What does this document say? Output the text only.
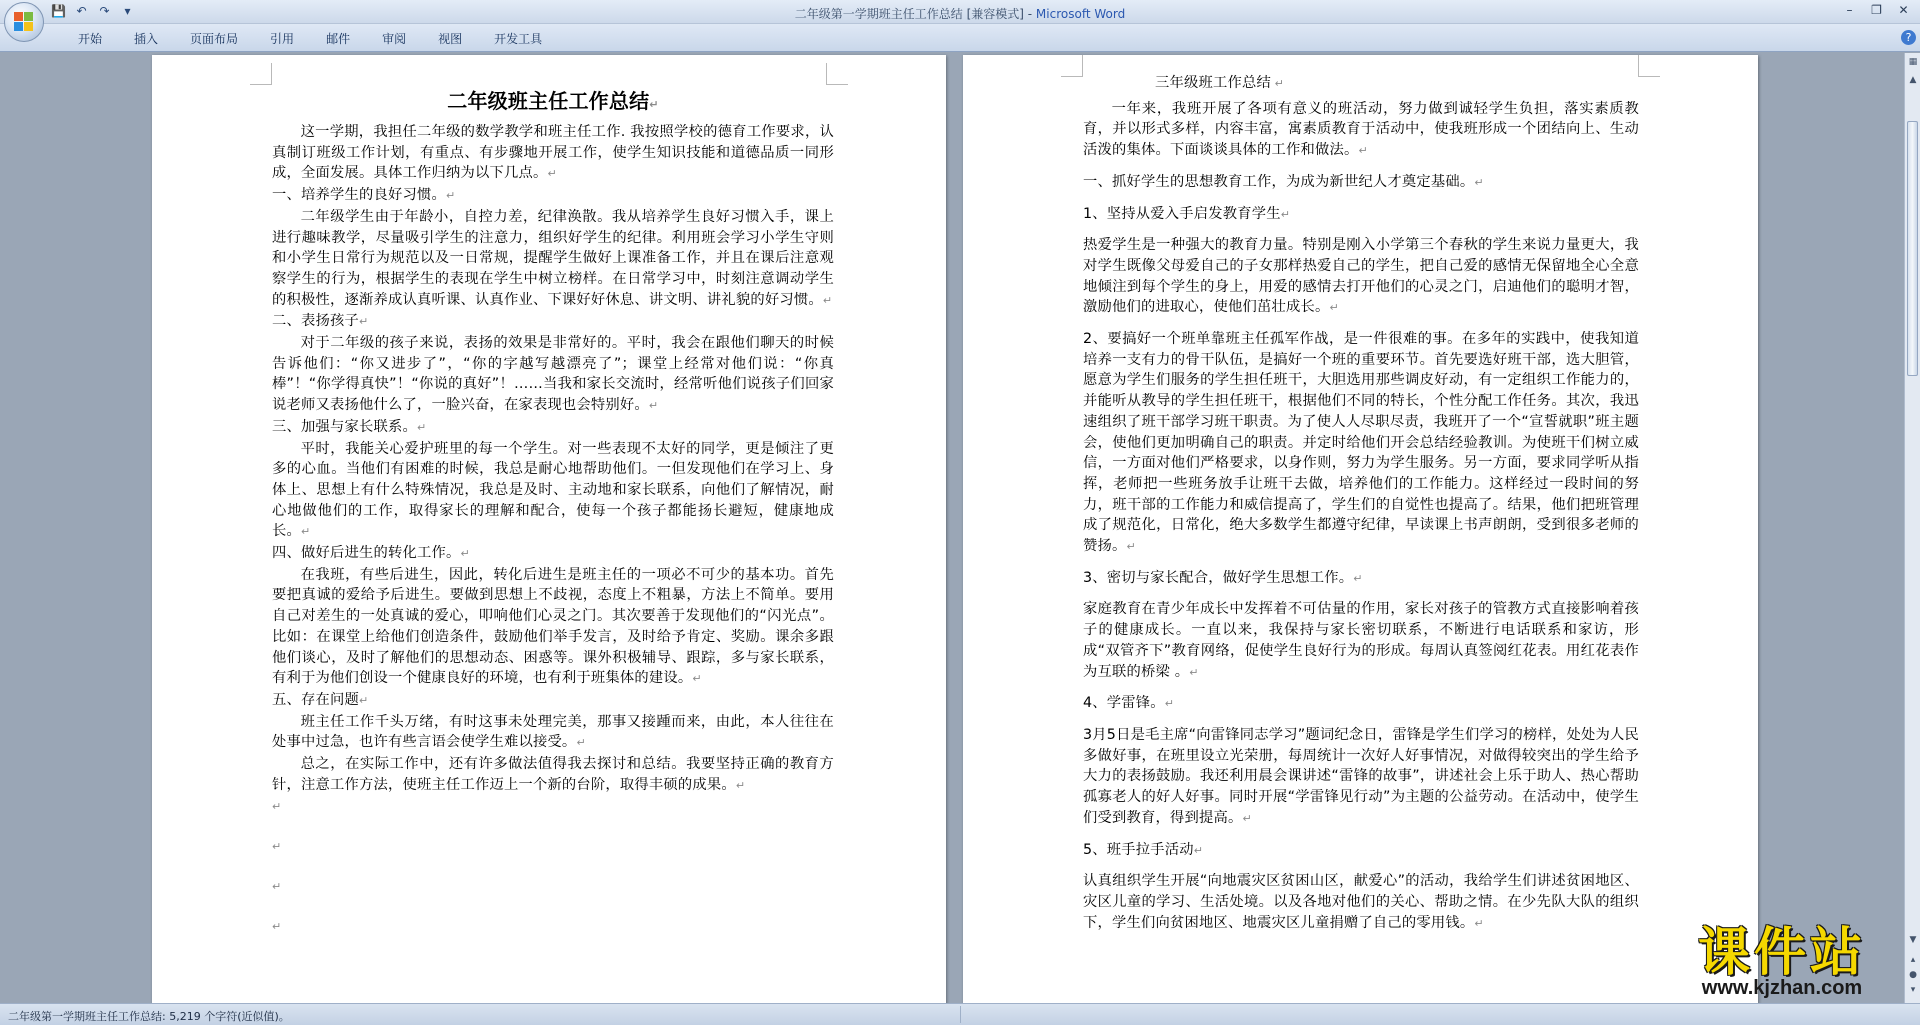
💾 ↶ ↷	▾	二年级第一学期班主任工作总结 [兼容模式] - Microsoft Word	–	❐	✕
开始	插入	页面布局	引用	邮件	审阅	视图	开发工具	?
二年级班主任工作总结↵
这一学期，我担任二年级的数学教学和班主任工作. 我按照学校的德育工作要求，认真制订班级工作计划，有重点、有步骤地开展工作，使学生知识技能和道德品质一同形成，全面发展。具体工作归纳为以下几点。↵
一、培养学生的良好习惯。↵
二年级学生由于年龄小，自控力差，纪律涣散。我从培养学生良好习惯入手，课上进行趣味教学，尽量吸引学生的注意力，组织好学生的纪律。利用班会学习小学生守则和小学生日常行为规范以及一日常规，提醒学生做好上课准备工作，并且在课后注意观察学生的行为，根据学生的表现在学生中树立榜样。在日常学习中，时刻注意调动学生的积极性，逐渐养成认真听课、认真作业、下课好好休息、讲文明、讲礼貌的好习惯。↵
二、表扬孩子↵
对于二年级的孩子来说，表扬的效果是非常好的。平时，我会在跟他们聊天的时候告诉他们：“你又进步了”，“你的字越写越漂亮了”；课堂上经常对他们说：“你真棒”！“你学得真快”！“你说的真好”！……当我和家长交流时，经常听他们说孩子们回家说老师又表扬他什么了，一脸兴奋，在家表现也会特别好。↵
三、加强与家长联系。↵
平时，我能关心爱护班里的每一个学生。对一些表现不太好的同学，更是倾注了更多的心血。当他们有困难的时候，我总是耐心地帮助他们。一但发现他们在学习上、身体上、思想上有什么特殊情况，我总是及时、主动地和家长联系，向他们了解情况，耐心地做他们的工作，取得家长的理解和配合，使每一个孩子都能扬长避短，健康地成长。↵
四、做好后进生的转化工作。↵
在我班，有些后进生，因此，转化后进生是班主任的一项必不可少的基本功。首先要把真诚的爱给予后进生。要做到思想上不歧视，态度上不粗暴，方法上不简单。要用自己对差生的一处真诚的爱心，叩响他们心灵之门。其次要善于发现他们的“闪光点”。比如：在课堂上给他们创造条件，鼓励他们举手发言，及时给予肯定、奖励。课余多跟他们谈心，及时了解他们的思想动态、困惑等。课外积极辅导、跟踪，多与家长联系，有利于为他们创设一个健康良好的环境，也有利于班集体的建设。↵
五、存在问题↵
班主任工作千头万绪，有时这事未处理完美，那事又接踵而来，由此，本人往往在处事中过急，也许有些言语会使学生难以接受。↵
总之，在实际工作中，还有许多做法值得我去探讨和总结。我要坚持正确的教育方针，注意工作方法，使班主任工作迈上一个新的台阶，取得丰硕的成果。↵
↵
↵
↵
↵
三年级班工作总结 ↵
一年来，我班开展了各项有意义的班活动，努力做到诚轻学生负担，落实素质教育，并以形式多样，内容丰富，寓素质教育于活动中，使我班形成一个团结向上、生动活泼的集体。下面谈谈具体的工作和做法。↵
一、抓好学生的思想教育工作，为成为新世纪人才奠定基础。↵
1、坚持从爱入手启发教育学生↵
热爱学生是一种强大的教育力量。特别是刚入小学第三个春秋的学生来说力量更大，我对学生既像父母爱自己的子女那样热爱自己的学生，把自己爱的感情无保留地全心全意地倾注到每个学生的身上，用爱的感情去打开他们的心灵之门，启迪他们的聪明才智，激励他们的进取心，使他们茁壮成长。↵
2、要搞好一个班单靠班主任孤军作战，是一件很难的事。在多年的实践中，使我知道培养一支有力的骨干队伍，是搞好一个班的重要环节。首先要选好班干部，选大胆管，愿意为学生们服务的学生担任班干，大胆选用那些调皮好动，有一定组织工作能力的，并能听从教导的学生担任班干，根据他们不同的特长，个性分配工作任务。其次，我迅速组织了班干部学习班干职责。为了使人人尽职尽责，我班开了一个“宣誓就职”班主题会，使他们更加明确自己的职责。并定时给他们开会总结经验教训。为使班干们树立威信，一方面对他们严格要求，以身作则，努力为学生服务。另一方面，要求同学听从指挥，老师把一些班务放手让班干去做，培养他们的工作能力。这样经过一段时间的努力，班干部的工作能力和威信提高了，学生们的自觉性也提高了。结果，他们把班管理成了规范化，日常化，绝大多数学生都遵守纪律，早读课上书声朗朗，受到很多老师的赞扬。↵
3、密切与家长配合，做好学生思想工作。↵
家庭教育在青少年成长中发挥着不可估量的作用，家长对孩子的管教方式直接影响着孩子的健康成长。一直以来，我保持与家长密切联系，不断进行电话联系和家访，形成“双管齐下”教育网络，促使学生良好行为的形成。每周认真签阅红花表。用红花表作为互联的桥梁 。↵
4、学雷锋。↵
3月5日是毛主席“向雷锋同志学习”题词纪念日，雷锋是学生们学习的榜样，处处为人民多做好事，在班里设立光荣册，每周统计一次好人好事情况，对做得较突出的学生给予大力的表扬鼓励。我还利用晨会课讲述“雷锋的故事”，讲述社会上乐于助人、热心帮助孤寡老人的好人好事。同时开展“学雷锋见行动”为主题的公益劳动。在活动中，使学生们受到教育，得到提高。↵
5、班手拉手活动↵
认真组织学生开展“向地震灾区贫困山区，献爱心”的活动，我给学生们讲述贫困地区、灾区儿童的学习、生活处境。以及各地对他们的关心、帮助之情。在少先队大队的组织下，学生们向贫困地区、地震灾区儿童捐赠了自己的零用钱。↵
▦
▲
▼
▴
●
▾
二年级第一学期班主任工作总结: 5,219 个字符(近似值)。
课件站
www.kjzhan.com
